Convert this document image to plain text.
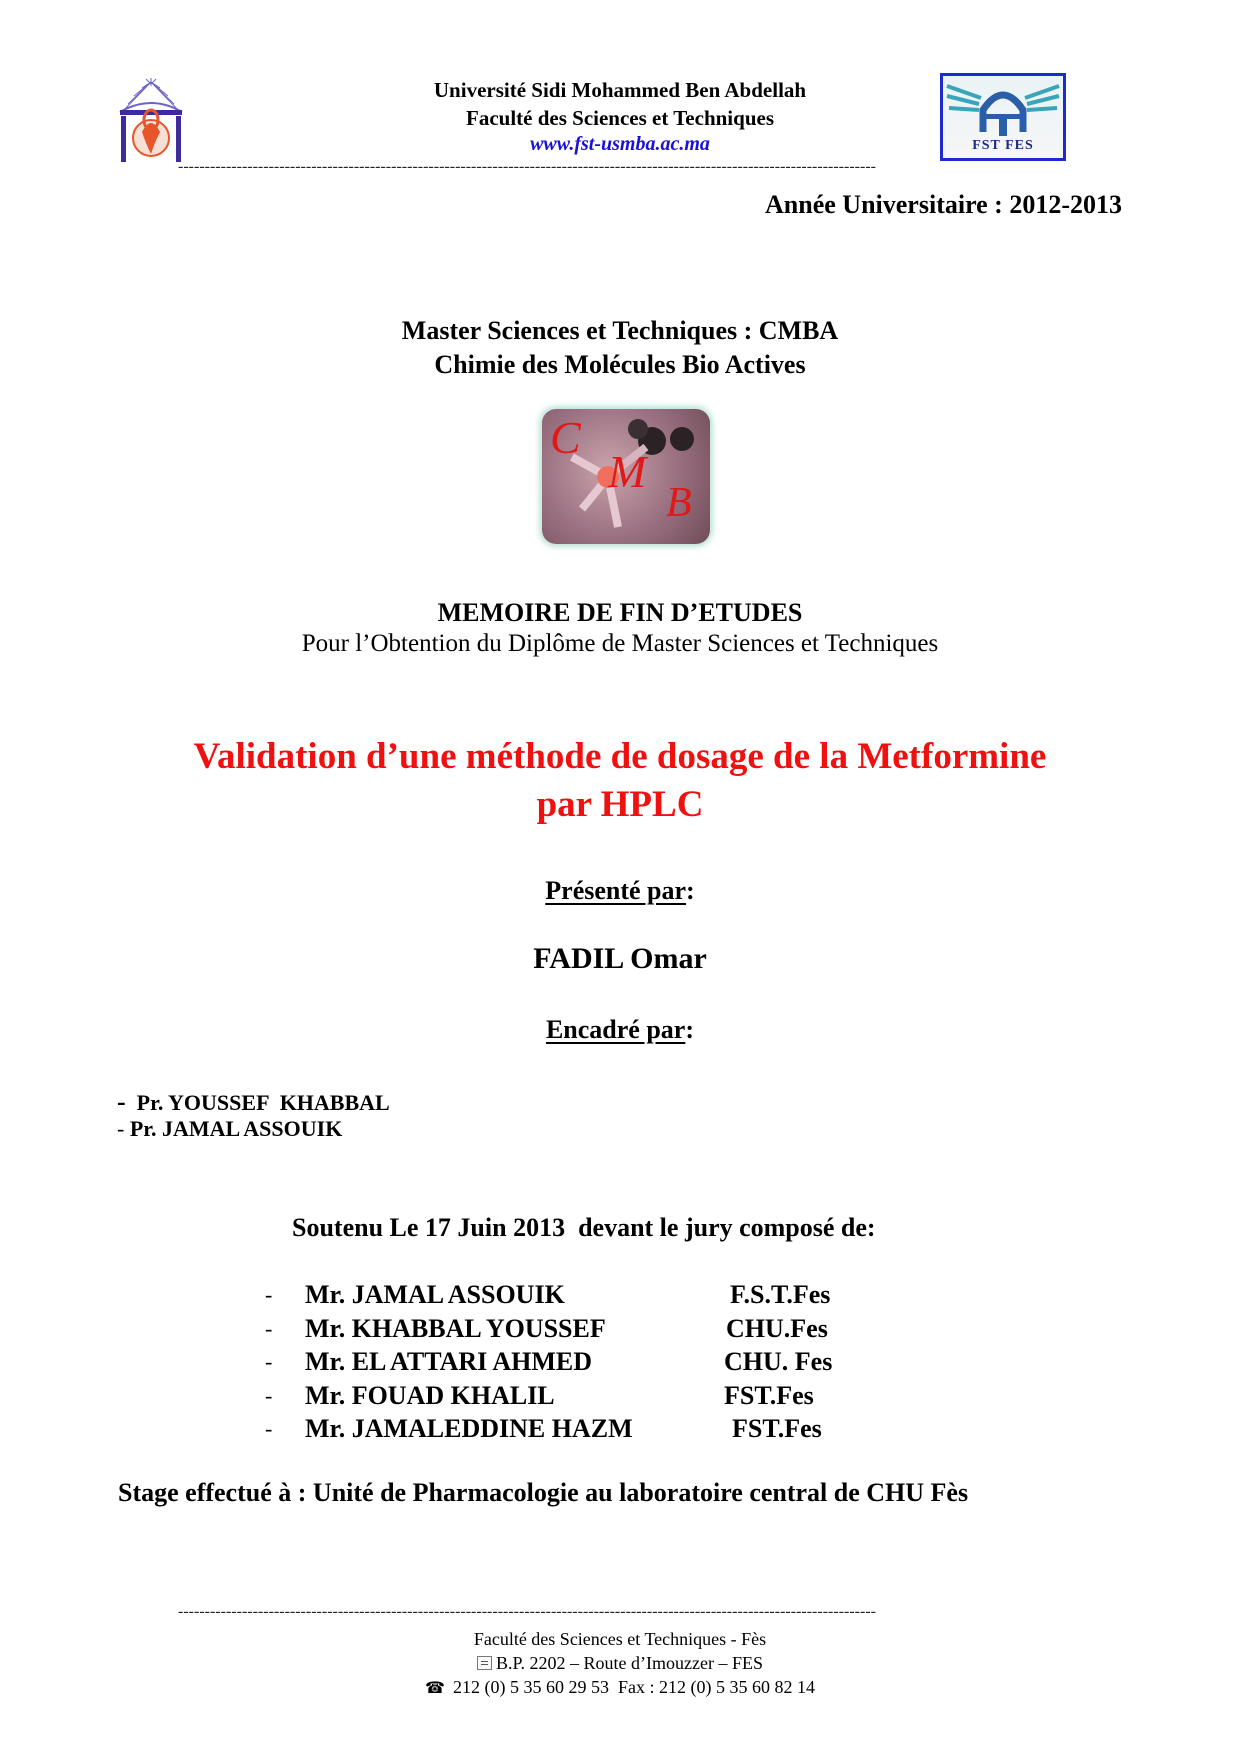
Université Sidi Mohammed Ben Abdellah
Faculté des Sciences et Techniques
www.fst-usmba.ac.ma	FST FES
-----------------------------------------------------------------------------------------------------------------------------------
Année Universitaire : 2012-2013
Master Sciences et Techniques : CMBA
Chimie des Molécules Bio Actives
C
M
B
MEMOIRE DE FIN D’ETUDES
Pour l’Obtention du Diplôme de Master Sciences et Techniques
Validation d’une méthode de dosage de la Metformine
par HPLC
Présenté par:
FADIL Omar
Encadré par:
- Pr. YOUSSEF  KHABBAL
- Pr. JAMAL ASSOUIK
Soutenu Le 17 Juin 2013  devant le jury composé de:
- Mr. JAMAL ASSOUIK	F.S.T.Fes
- Mr. KHABBAL YOUSSEF	CHU.Fes
- Mr. EL ATTARI AHMED	CHU. Fes
- Mr. FOUAD KHALIL	FST.Fes
- Mr. JAMALEDDINE HAZM	FST.Fes
Stage effectué à : Unité de Pharmacologie au laboratoire central de CHU Fès
-----------------------------------------------------------------------------------------------------------------------------------
Faculté des Sciences et Techniques - Fès
B.P. 2202 – Route d’Imouzzer – FES
☎ 212 (0) 5 35 60 29 53  Fax : 212 (0) 5 35 60 82 14
